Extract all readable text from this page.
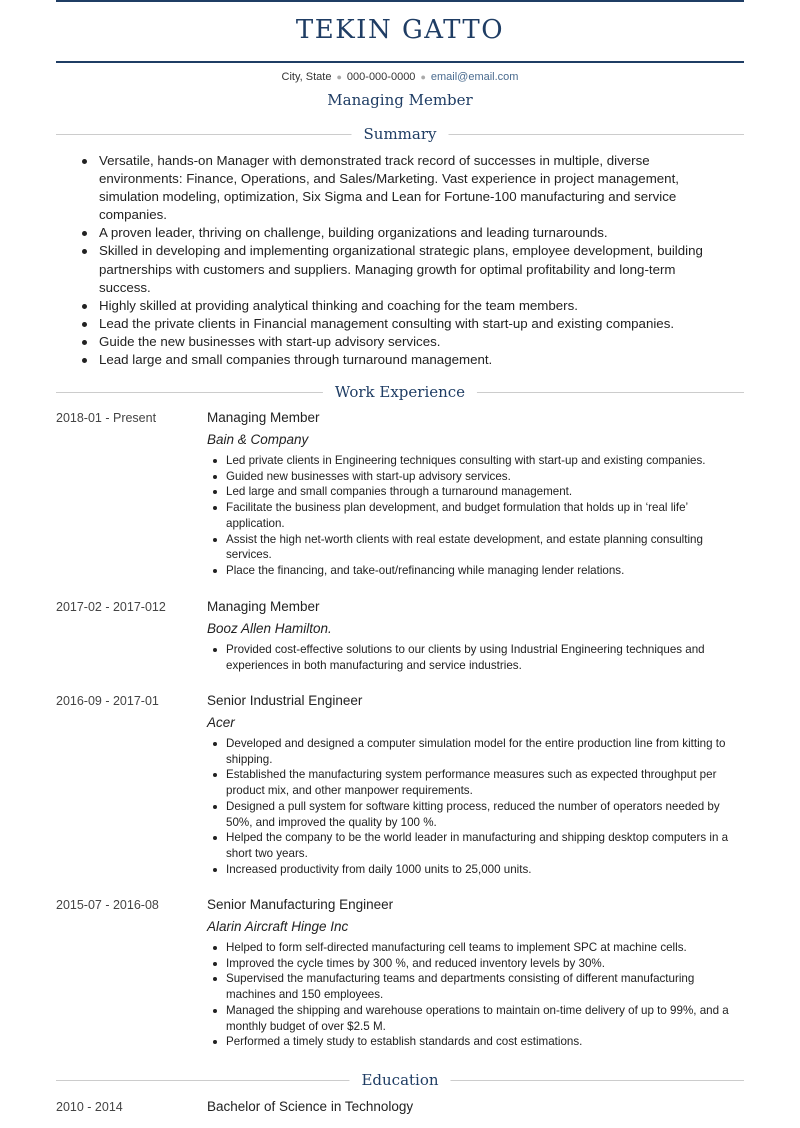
TEKIN GATTO
City, State ● 000-000-0000 ● email@email.com
Managing Member
Summary
Versatile, hands-on Manager with demonstrated track record of successes in multiple, diverse environments: Finance, Operations, and Sales/Marketing. Vast experience in project management, simulation modeling, optimization, Six Sigma and Lean for Fortune-100 manufacturing and service companies.
A proven leader, thriving on challenge, building organizations and leading turnarounds.
Skilled in developing and implementing organizational strategic plans, employee development, building partnerships with customers and suppliers. Managing growth for optimal profitability and long-term success.
Highly skilled at providing analytical thinking and coaching for the team members.
Lead the private clients in Financial management consulting with start-up and existing companies.
Guide the new businesses with start-up advisory services.
Lead large and small companies through turnaround management.
Work Experience
2018-01 - Present	Managing Member
Bain & Company
Led private clients in Engineering techniques consulting with start-up and existing companies.
Guided new businesses with start-up advisory services.
Led large and small companies through a turnaround management.
Facilitate the business plan development, and budget formulation that holds up in ‘real life’ application.
Assist the high net-worth clients with real estate development, and estate planning consulting services.
Place the financing, and take-out/refinancing while managing lender relations.
2017-02 - 2017-012	Managing Member
Booz Allen Hamilton.
Provided cost-effective solutions to our clients by using Industrial Engineering techniques and experiences in both manufacturing and service industries.
2016-09 - 2017-01	Senior Industrial Engineer
Acer
Developed and designed a computer simulation model for the entire production line from kitting to shipping.
Established the manufacturing system performance measures such as expected throughput per product mix, and other manpower requirements.
Designed a pull system for software kitting process, reduced the number of operators needed by 50%, and improved the quality by 100 %.
Helped the company to be the world leader in manufacturing and shipping desktop computers in a short two years.
Increased productivity from daily 1000 units to 25,000 units.
2015-07 - 2016-08	Senior Manufacturing Engineer
Alarin Aircraft Hinge Inc
Helped to form self-directed manufacturing cell teams to implement SPC at machine cells.
Improved the cycle times by 300 %, and reduced inventory levels by 30%.
Supervised the manufacturing teams and departments consisting of different manufacturing machines and 150 employees.
Managed the shipping and warehouse operations to maintain on-time delivery of up to 99%, and a monthly budget of over $2.5 M.
Performed a timely study to establish standards and cost estimations.
Education
2010 - 2014	Bachelor of Science in Technology
